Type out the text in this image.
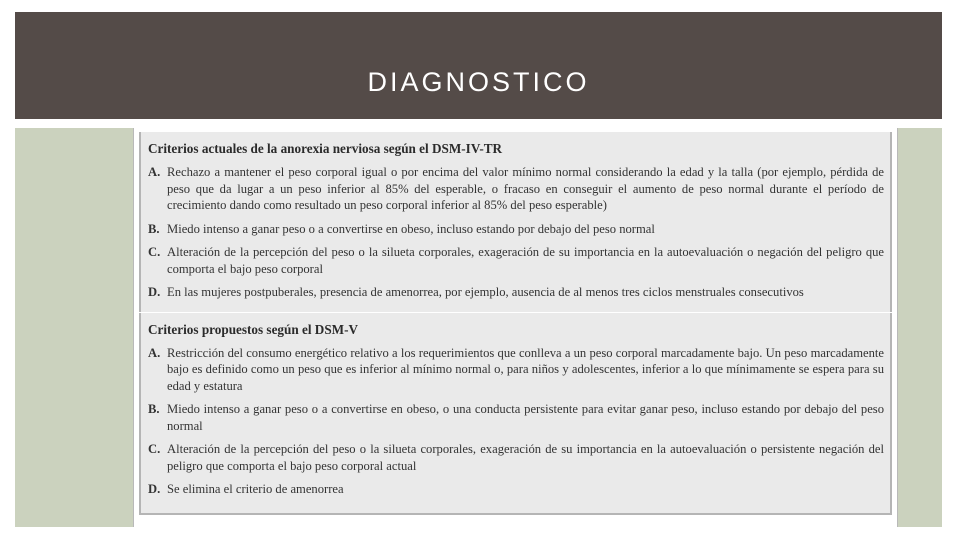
DIAGNOSTICO
Criterios actuales de la anorexia nerviosa según el DSM-IV-TR
A. Rechazo a mantener el peso corporal igual o por encima del valor mínimo normal considerando la edad y la talla (por ejemplo, pérdida de peso que da lugar a un peso inferior al 85% del esperable, o fracaso en conseguir el aumento de peso normal durante el período de crecimiento dando como resultado un peso corporal inferior al 85% del peso esperable)
B. Miedo intenso a ganar peso o a convertirse en obeso, incluso estando por debajo del peso normal
C. Alteración de la percepción del peso o la silueta corporales, exageración de su importancia en la autoevaluación o negación del peligro que comporta el bajo peso corporal
D. En las mujeres postpuberales, presencia de amenorrea, por ejemplo, ausencia de al menos tres ciclos menstruales consecutivos
Criterios propuestos según el DSM-V
A. Restricción del consumo energético relativo a los requerimientos que conlleva a un peso corporal marcadamente bajo. Un peso marcadamente bajo es definido como un peso que es inferior al mínimo normal o, para niños y adolescentes, inferior a lo que mínimamente se espera para su edad y estatura
B. Miedo intenso a ganar peso o a convertirse en obeso, o una conducta persistente para evitar ganar peso, incluso estando por debajo del peso normal
C. Alteración de la percepción del peso o la silueta corporales, exageración de su importancia en la autoevaluación o persistente negación del peligro que comporta el bajo peso corporal actual
D. Se elimina el criterio de amenorrea
